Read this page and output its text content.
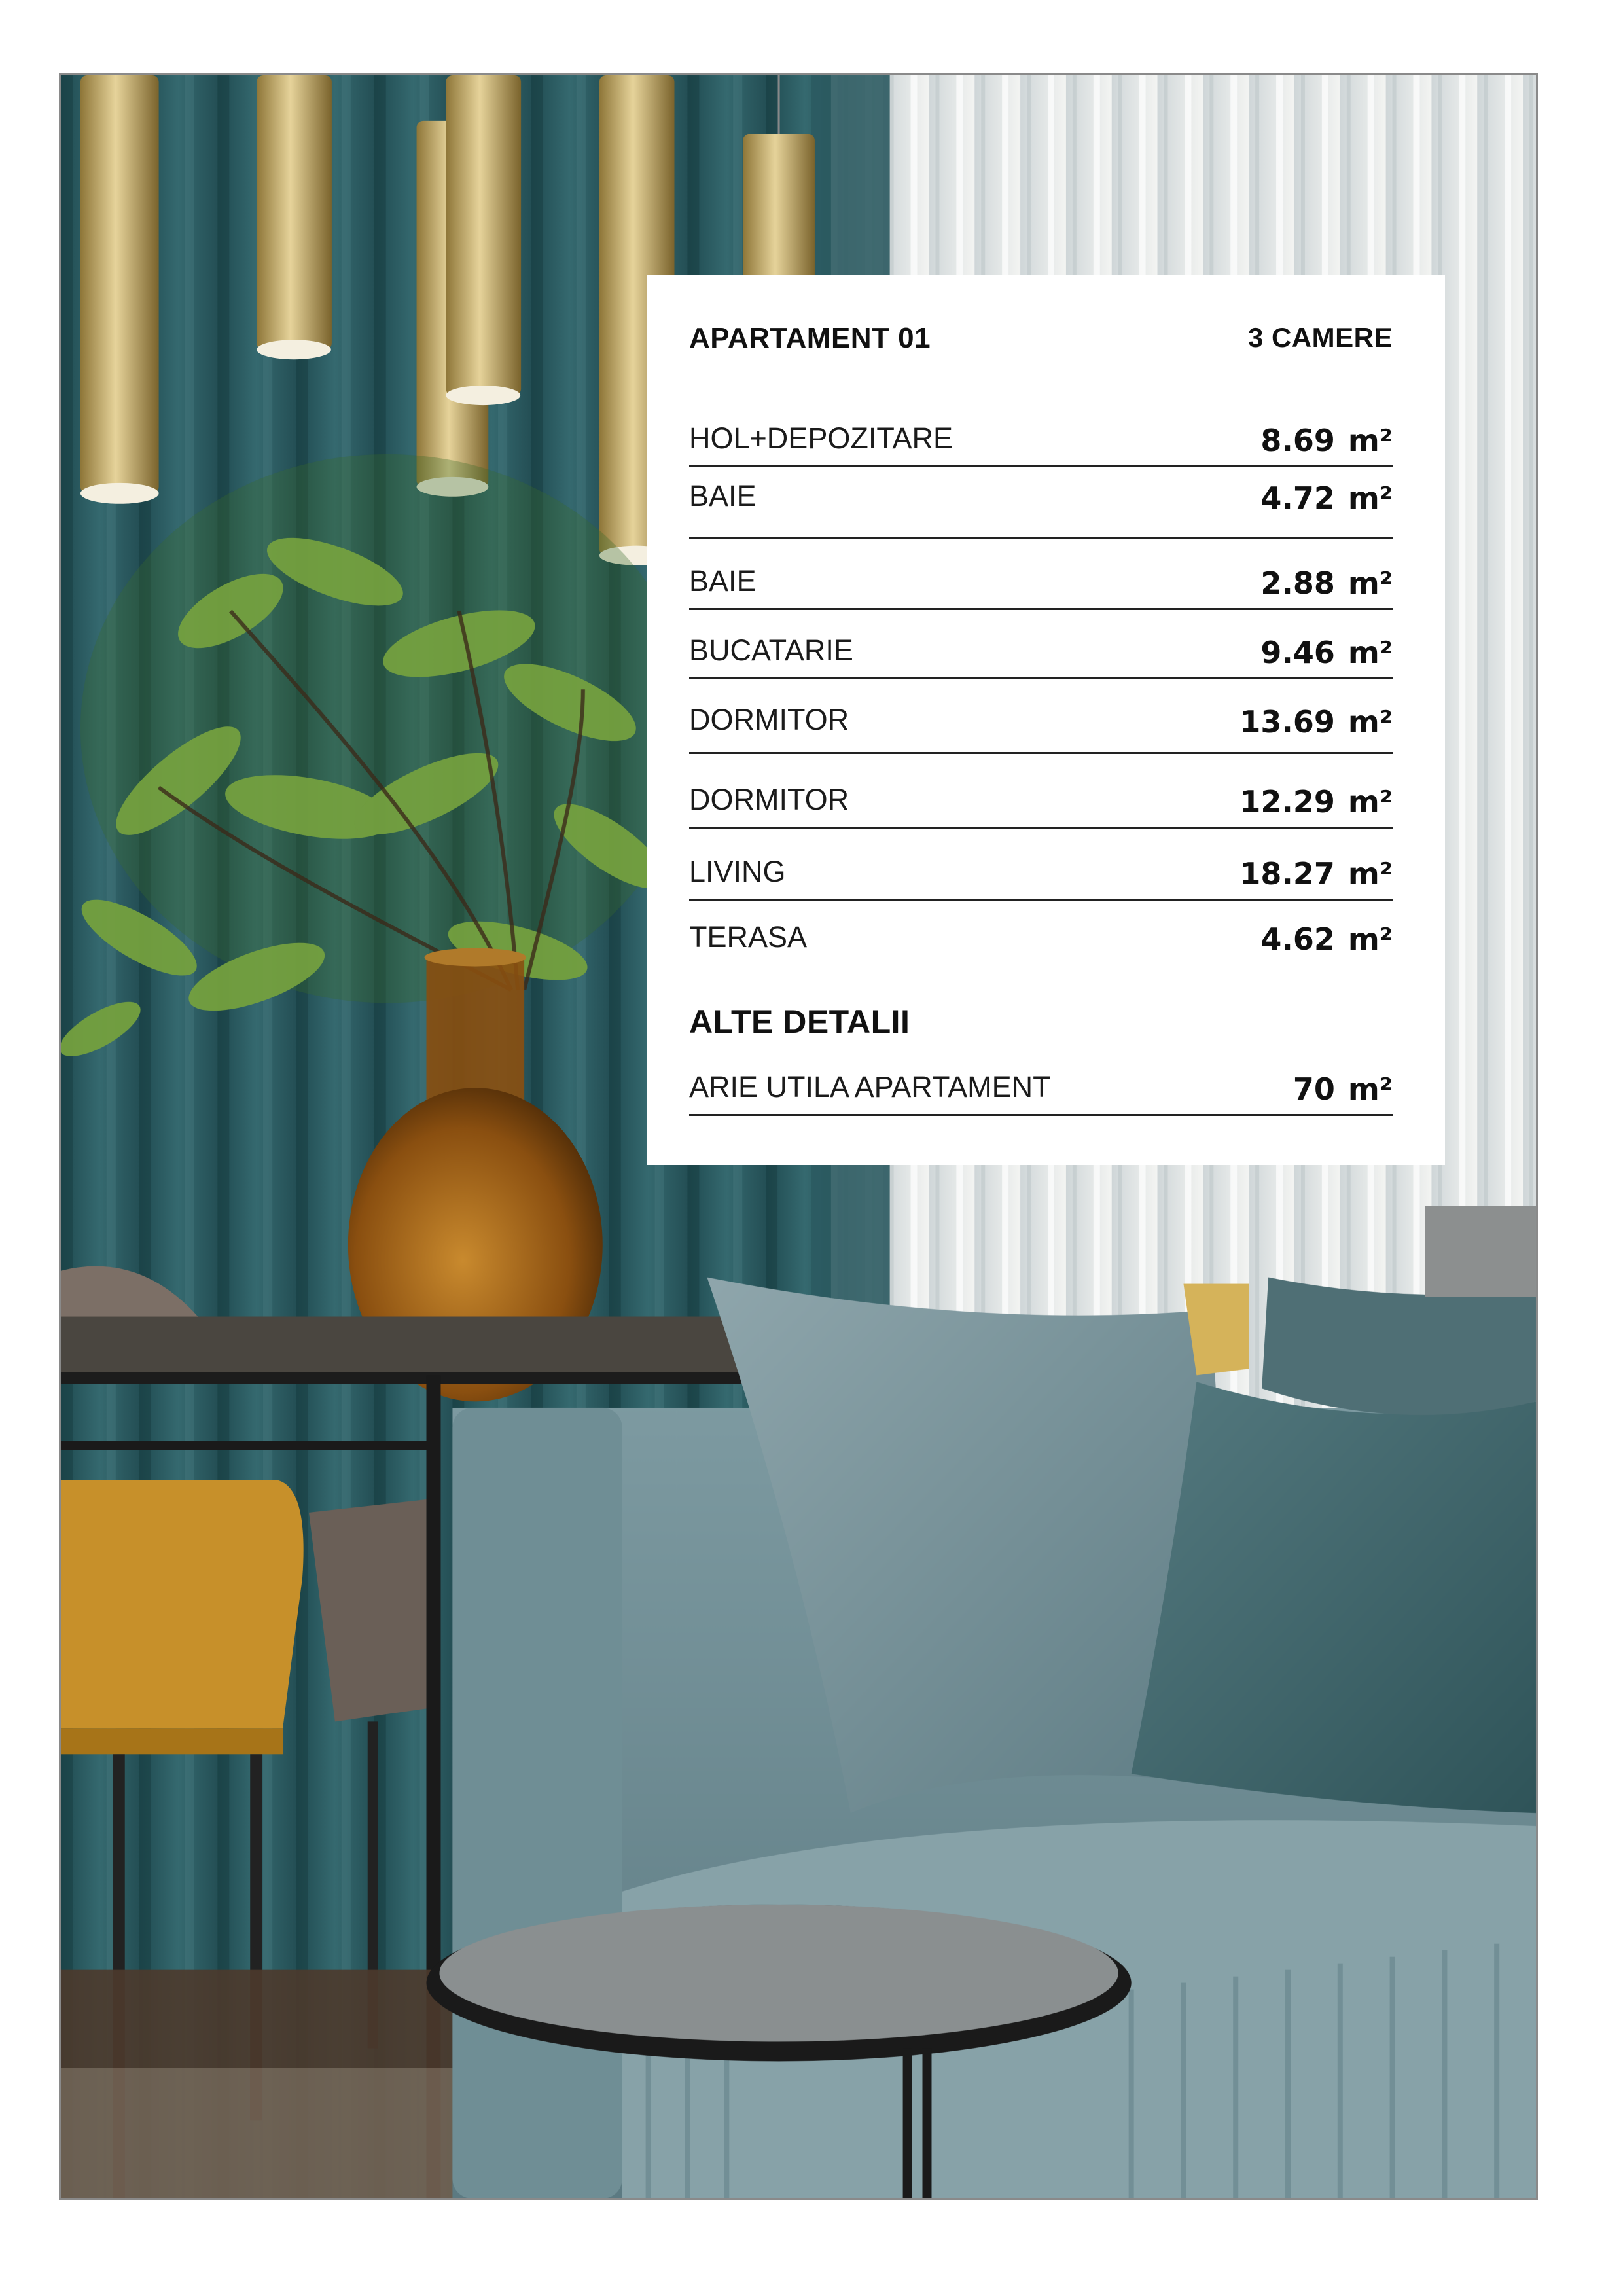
APARTAMENT 01	3 CAMERE
HOL+DEPOZITARE	8.69 m²
BAIE	4.72 m²
BAIE	2.88 m²
BUCATARIE	9.46 m²
DORMITOR	13.69 m²
DORMITOR	12.29 m²
LIVING	18.27 m²
TERASA	4.62 m²
ALTE DETALII
ARIE UTILA APARTAMENT	70 m²
